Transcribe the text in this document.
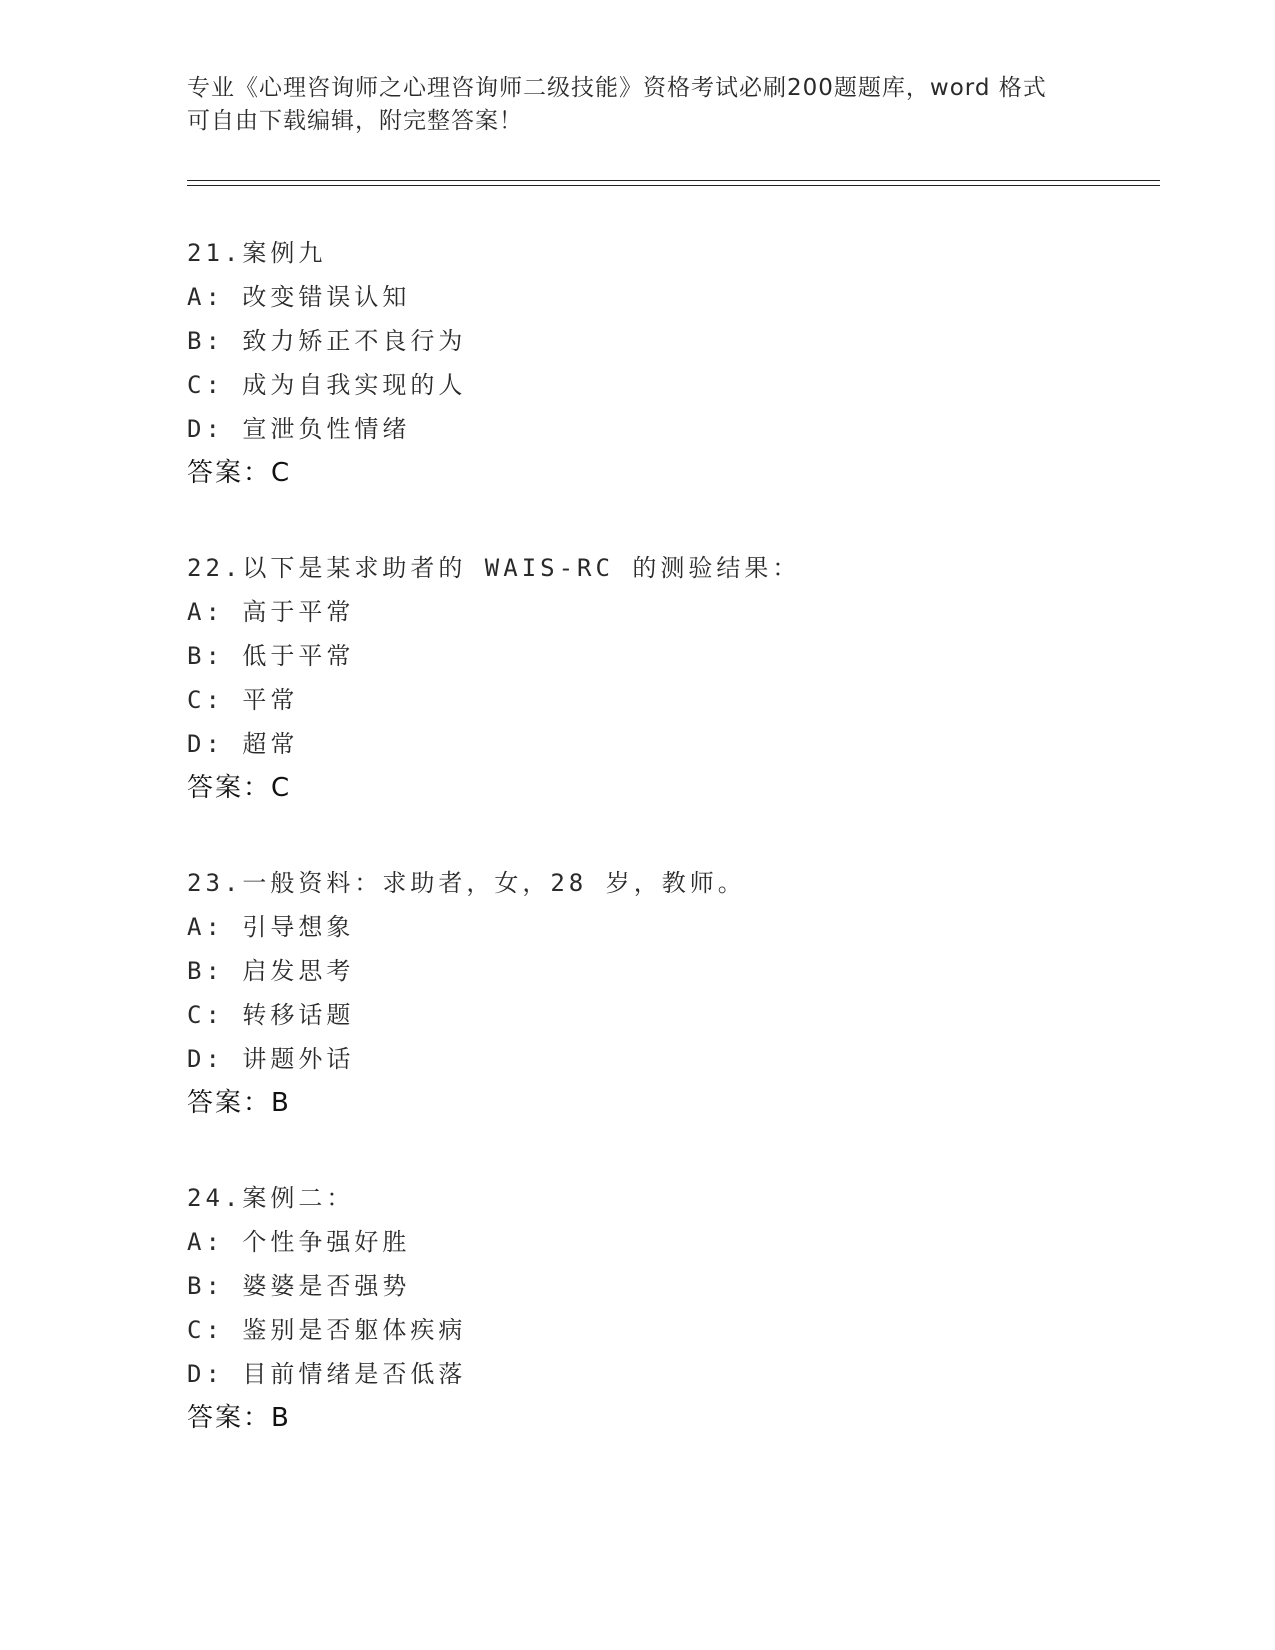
专业《心理咨询师之心理咨询师二级技能》资格考试必刷200题题库，word 格式
可自由下载编辑，附完整答案！
21.案例九
A: 改变错误认知
B: 致力矫正不良行为
C: 成为自我实现的人
D: 宣泄负性情绪
答案：C
22.以下是某求助者的 WAIS-RC 的测验结果：
A: 高于平常
B: 低于平常
C: 平常
D: 超常
答案：C
23.一般资料：求助者，女，28 岁，教师。
A: 引导想象
B: 启发思考
C: 转移话题
D: 讲题外话
答案：B
24.案例二：
A: 个性争强好胜
B: 婆婆是否强势
C: 鉴别是否躯体疾病
D: 目前情绪是否低落
答案：B
